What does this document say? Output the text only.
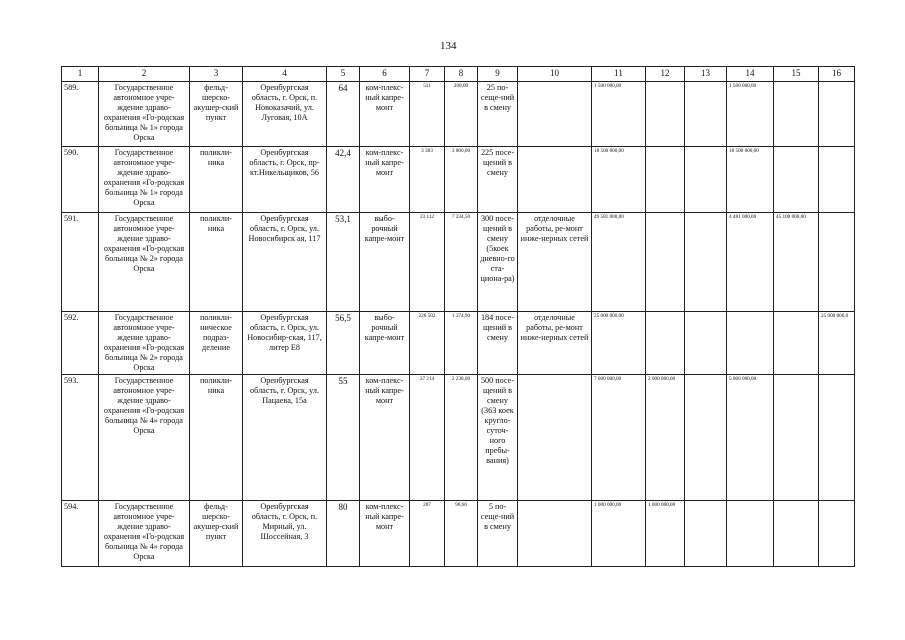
134
1	2	3	4	5	6	7	8	9	10	11	12	13	14	15	16
589.	Государственное автономное учре-ждение здраво-охранения «Го-родская больница № 1» города Орска	фельд-шерско-акушер-ский пункт	Оренбургская область, г. Орск, п. Новоказачий, ул. Луговая, 10А	64	ком-плекс-ный капре-монт	511	200,00	25 по-сеще-ний в смену		1 500 000,00			1 500 000,00		
590.	Государственное автономное учре-ждение здраво-охранения «Го-родская больница № 1» города Орска	поликли-ника	Оренбургская область, г. Орск, пр-кт.Никельщиков, 56	42,4	ком-плекс-ный капре-монт	3 383	3 800,00	225 посе-щений в смену		18 500 000,00			18 500 000,00		
591.	Государственное автономное учре-ждение здраво-охранения «Го-родская больница № 2» города Орска	поликли-ника	Оренбургская область, г. Орск, ул. Новосибирск ая, 117	53,1	выбо-рочный капре-монт	23 112	7 234,50	300 посе-щений в смену (5коек дневно-го ста-ционa-ра)	отделочные работы, ре-монт инже-нерных сетей	49 581 000,00			4 481 000,00	45 100 000,00	
592.	Государственное автономное учре-ждение здраво-охранения «Го-родская больница № 2» города Орска	поликли-ническое подраз-деление	Оренбургская область, г. Орск, ул. Новосибир-ская, 117, литер Е8	56,5	выбо-рочный капре-монт	226 502	1 374,90	184 посе-щений в смену	отделочные работы, ре-монт инже-нерных сетей	25 000 000,00					25 000 000,0
593.	Государственное автономное учре-ждение здраво-охранения «Го-родская больница № 4» города Орска	поликли-ника	Оренбургская область, г. Орск, ул. Пацаева, 15а	55	ком-плекс-ный капре-монт	37 214	2 238,00	500 посе-щений в смену (363 коек кругло-суточ-ного пребы-вания)		7 000 000,00	2 000 000,00		5 000 000,00		
594.	Государственное автономное учре-ждение здраво-охранения «Го-родская больница № 4» города Орска	фельд-шерско-акушер-ский пункт	Оренбургская область, г. Орск, п. Мирный, ул. Шоссейная, 3	80	ком-плекс-ный капре-монт	207	96,60	5 по-сеще-ний в смену		1 000 000,00	1 000 000,00				
